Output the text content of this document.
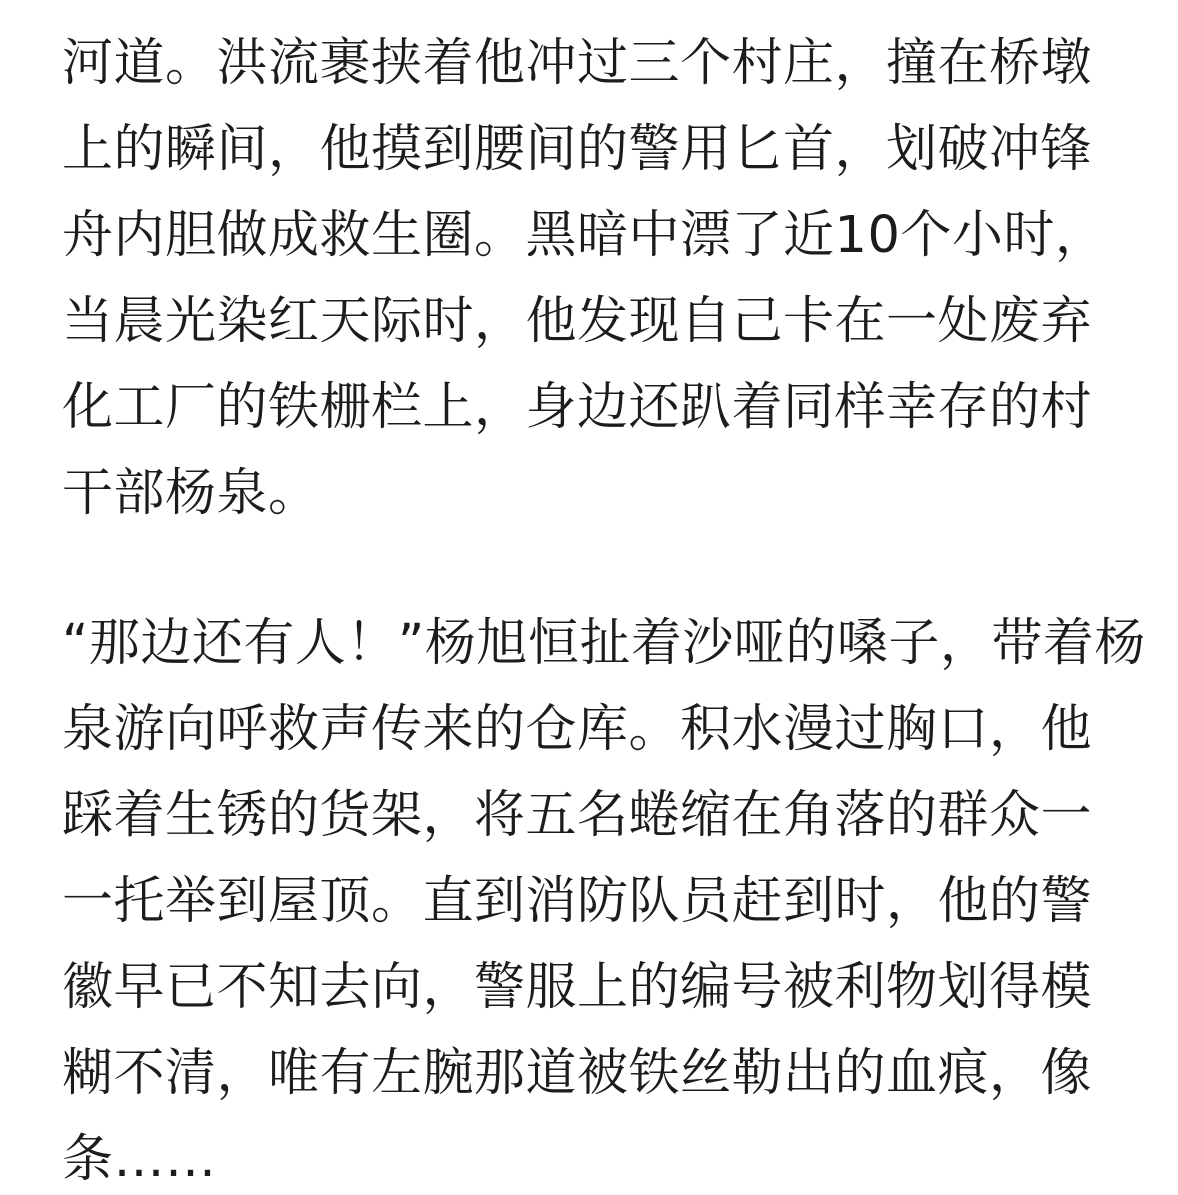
河道。洪流裹挟着他冲过三个村庄，撞在桥墩
上的瞬间，他摸到腰间的警用匕首，划破冲锋
舟内胆做成救生圈。黑暗中漂了近10个小时，
当晨光染红天际时，他发现自己卡在一处废弃
化工厂的铁栅栏上，身边还趴着同样幸存的村
干部杨泉。
“那边还有人！”杨旭恒扯着沙哑的嗓子，带着杨
泉游向呼救声传来的仓库。积水漫过胸口，他
踩着生锈的货架，将五名蜷缩在角落的群众一
一托举到屋顶。直到消防队员赶到时，他的警
徽早已不知去向，警服上的编号被利物划得模
糊不清，唯有左腕那道被铁丝勒出的血痕，像
条……
